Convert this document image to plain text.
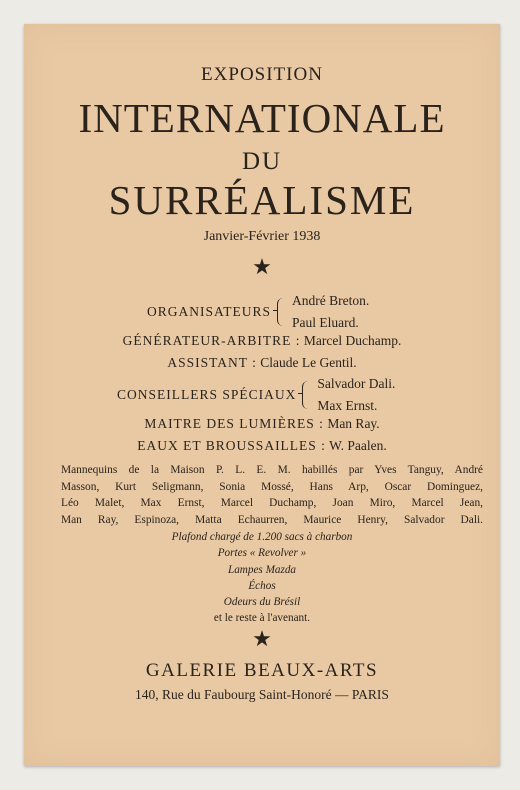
EXPOSITION
INTERNATIONALE
DU
SURRÉALISME
Janvier-Février 1938
★
ORGANISATEURS
André Breton.
Paul Eluard.
GÉNÉRATEUR-ARBITRE : Marcel Duchamp.
ASSISTANT : Claude Le Gentil.
CONSEILLERS SPÉCIAUX
Salvador Dali.
Max Ernst.
MAITRE DES LUMIÈRES : Man Ray.
EAUX ET BROUSSAILLES : W. Paalen.
Mannequins de la Maison P. L. E. M. habillés par Yves Tanguy, André
Masson, Kurt Seligmann, Sonia Mossé, Hans Arp, Oscar Dominguez,
Léo Malet, Max Ernst, Marcel Duchamp, Joan Miro, Marcel Jean,
Man Ray, Espinoza, Matta Echaurren, Maurice Henry, Salvador Dali.
Plafond chargé de 1.200 sacs à charbon
Portes « Revolver »
Lampes Mazda
Échos
Odeurs du Brésil
et le reste à l'avenant.
★
GALERIE BEAUX-ARTS
140, Rue du Faubourg Saint-Honoré — PARIS
